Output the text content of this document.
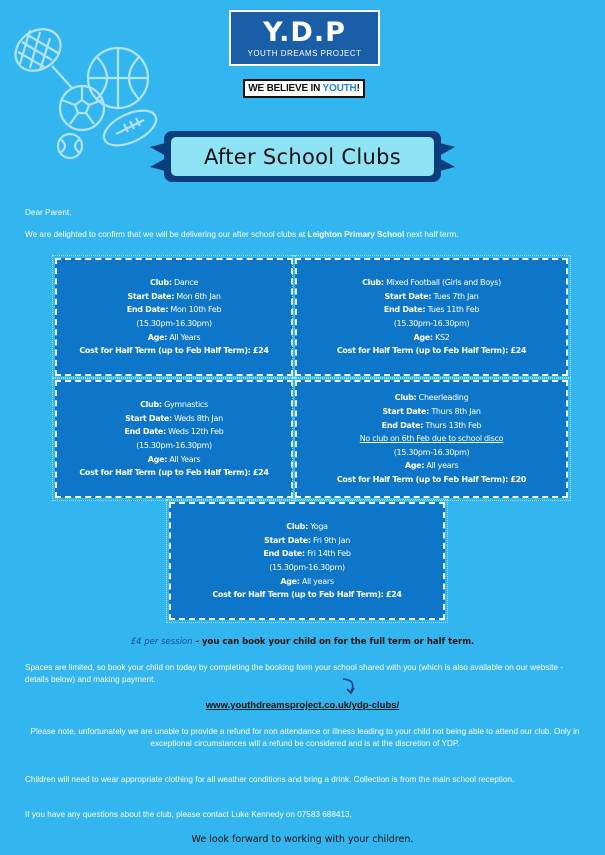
Y.D.P
YOUTH DREAMS PROJECT
WE BELIEVE IN YOUTH!
After School Clubs
Dear Parent,
We are delighted to confirm that we will be delivering our after school clubs at Leighton Primary School next half term.
Club: Dance
Start Date: Mon 6th Jan
End Date: Mon 10th Feb
(15.30pm-16.30pm)
Age: All Years
Cost for Half Term (up to Feb Half Term): £24
Club: Mixed Football (Girls and Boys)
Start Date: Tues 7th Jan
End Date: Tues 11th Feb
(15.30pm-16.30pm)
Age: KS2
Cost for Half Term (up to Feb Half Term): £24
Club: Gymnastics
Start Date: Weds 8th Jan
End Date: Weds 12th Feb
(15.30pm-16.30pm)
Age: All Years
Cost for Half Term (up to Feb Half Term): £24
Club: Cheerleading
Start Date: Thurs 8th Jan
End Date: Thurs 13th Feb
No club on 6th Feb due to school disco
(15.30pm-16.30pm)
Age: All years
Cost for Half Term (up to Feb Half Term): £20
Club: Yoga
Start Date: Fri 9th Jan
End Date: Fri 14th Feb
(15.30pm-16.30pm)
Age: All years
Cost for Half Term (up to Feb Half Term): £24
£4 per session - you can book your child on for the full term or half term.
Spaces are limited, so book your child on today by completing the booking form your school shared with you (which is also available on our website - details below) and making payment.
www.youthdreamsproject.co.uk/ydp-clubs/
Please note, unfortunately we are unable to provide a refund for non attendance or illness leading to your child not being able to attend our club. Only in exceptional circumstances will a refund be considered and is at the discretion of YDP.
Children will need to wear appropriate clothing for all weather conditions and bring a drink. Collection is from the main school reception.
If you have any questions about the club, please contact Luke Kennedy on 07583 688413.
We look forward to working with your children.
